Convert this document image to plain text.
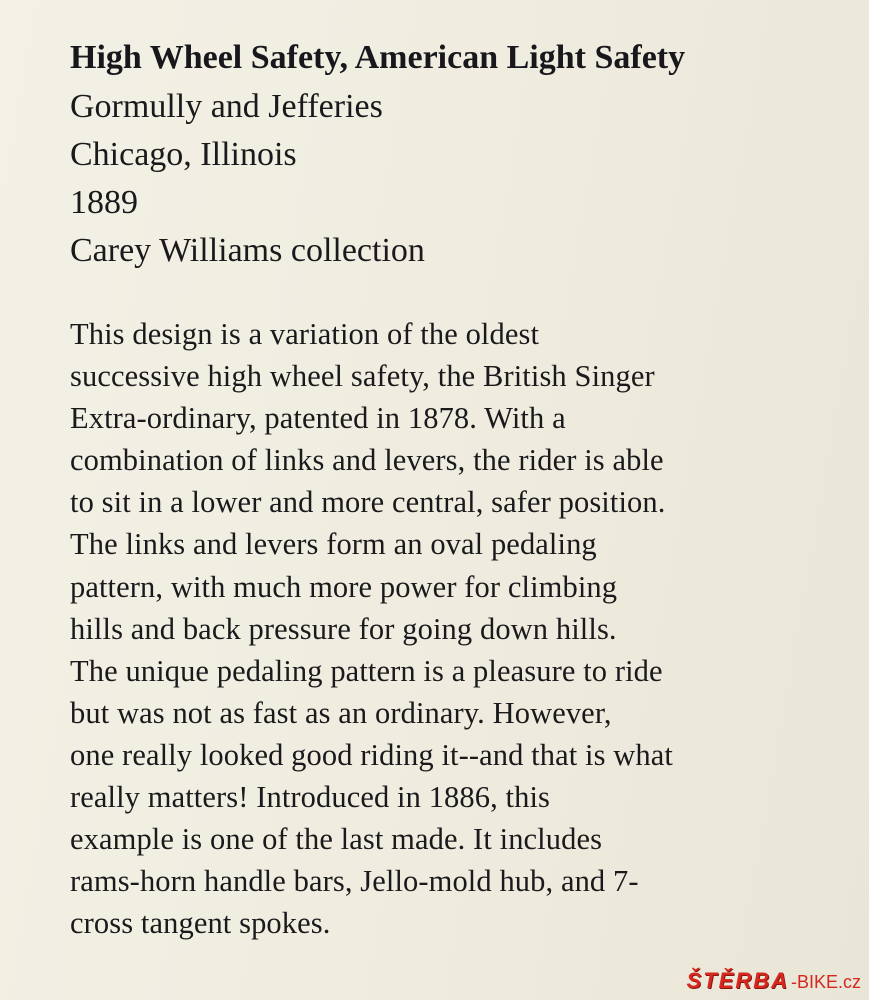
High Wheel Safety, American Light Safety
Gormully and Jefferies
Chicago, Illinois
1889
Carey Williams collection
This design is a variation of the oldest
successive high wheel safety, the British Singer
Extra-ordinary, patented in 1878. With a
combination of links and levers, the rider is able
to sit in a lower and more central, safer position.
The links and levers form an oval pedaling
pattern, with much more power for climbing
hills and back pressure for going down hills.
The unique pedaling pattern is a pleasure to ride
but was not as fast as an ordinary. However,
one really looked good riding it--and that is what
really matters! Introduced in 1886, this
example is one of the last made. It includes
rams-horn handle bars, Jello-mold hub, and 7-
cross tangent spokes.
ŠTĚRBA -BIKE.cz
